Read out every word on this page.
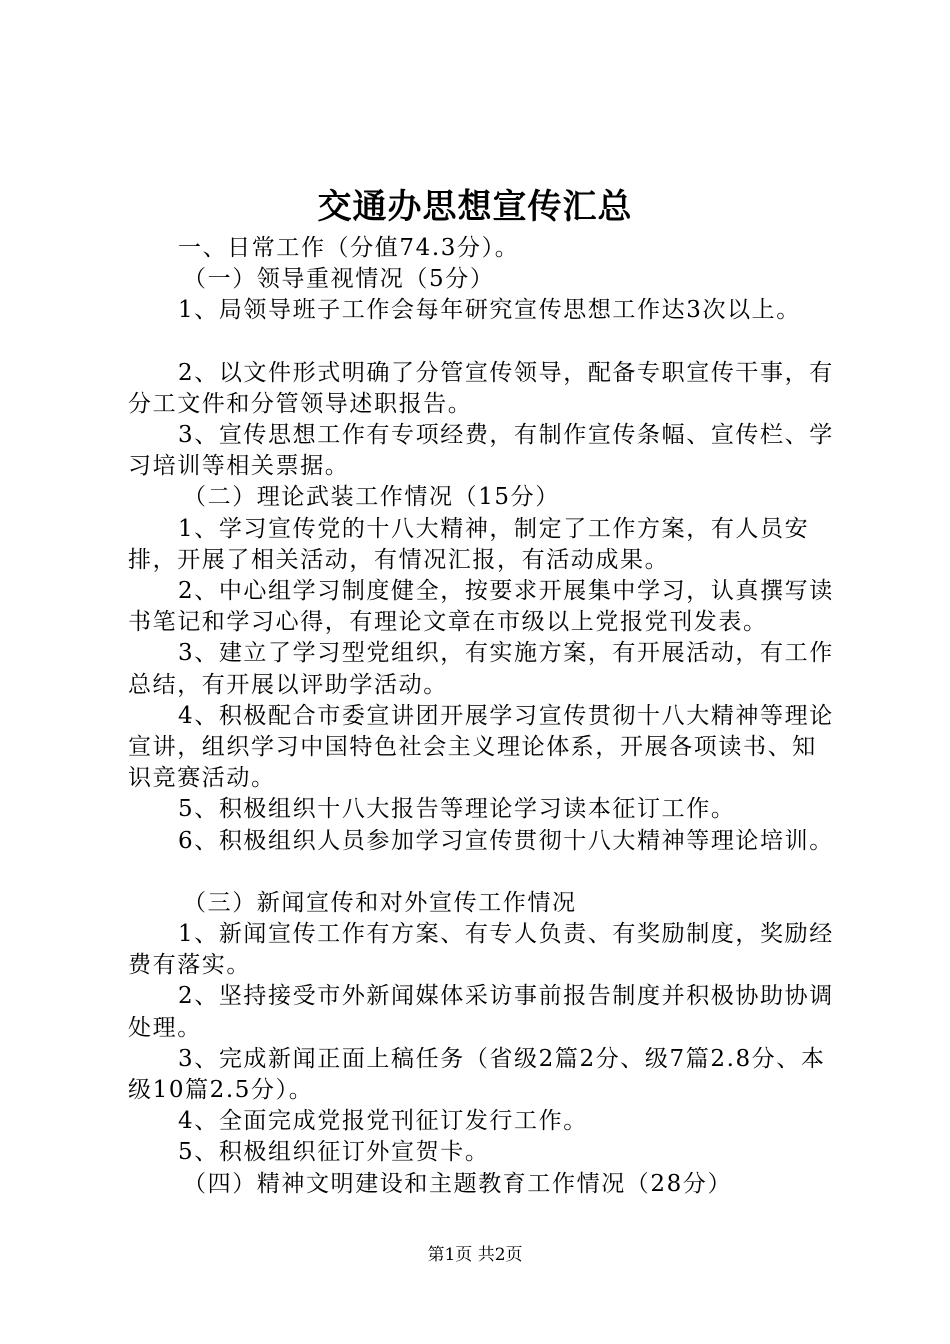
交通办思想宣传汇总

一、日常工作（分值74.3分）。

（一）领导重视情况（5分）

1、局领导班子工作会每年研究宣传思想工作达3次以上。

2、以文件形式明确了分管宣传领导，配备专职宣传干事，有分工文件和分管领导述职报告。

3、宣传思想工作有专项经费，有制作宣传条幅、宣传栏、学习培训等相关票据。

（二）理论武装工作情况（15分）

1、学习宣传党的十八大精神，制定了工作方案，有人员安排，开展了相关活动，有情况汇报，有活动成果。

2、中心组学习制度健全，按要求开展集中学习，认真撰写读书笔记和学习心得，有理论文章在市级以上党报党刊发表。

3、建立了学习型党组织，有实施方案，有开展活动，有工作总结，有开展以评助学活动。

4、积极配合市委宣讲团开展学习宣传贯彻十八大精神等理论宣讲，组织学习中国特色社会主义理论体系，开展各项读书、知识竞赛活动。

5、积极组织十八大报告等理论学习读本征订工作。

6、积极组织人员参加学习宣传贯彻十八大精神等理论培训。

（三）新闻宣传和对外宣传工作情况

1、新闻宣传工作有方案、有专人负责、有奖励制度，奖励经费有落实。

2、坚持接受市外新闻媒体采访事前报告制度并积极协助协调处理。

3、完成新闻正面上稿任务（省级2篇2分、级7篇2.8分、本级10篇2.5分）。

4、全面完成党报党刊征订发行工作。

5、积极组织征订外宣贺卡。

（四）精神文明建设和主题教育工作情况（28分）

第1页 共2页
